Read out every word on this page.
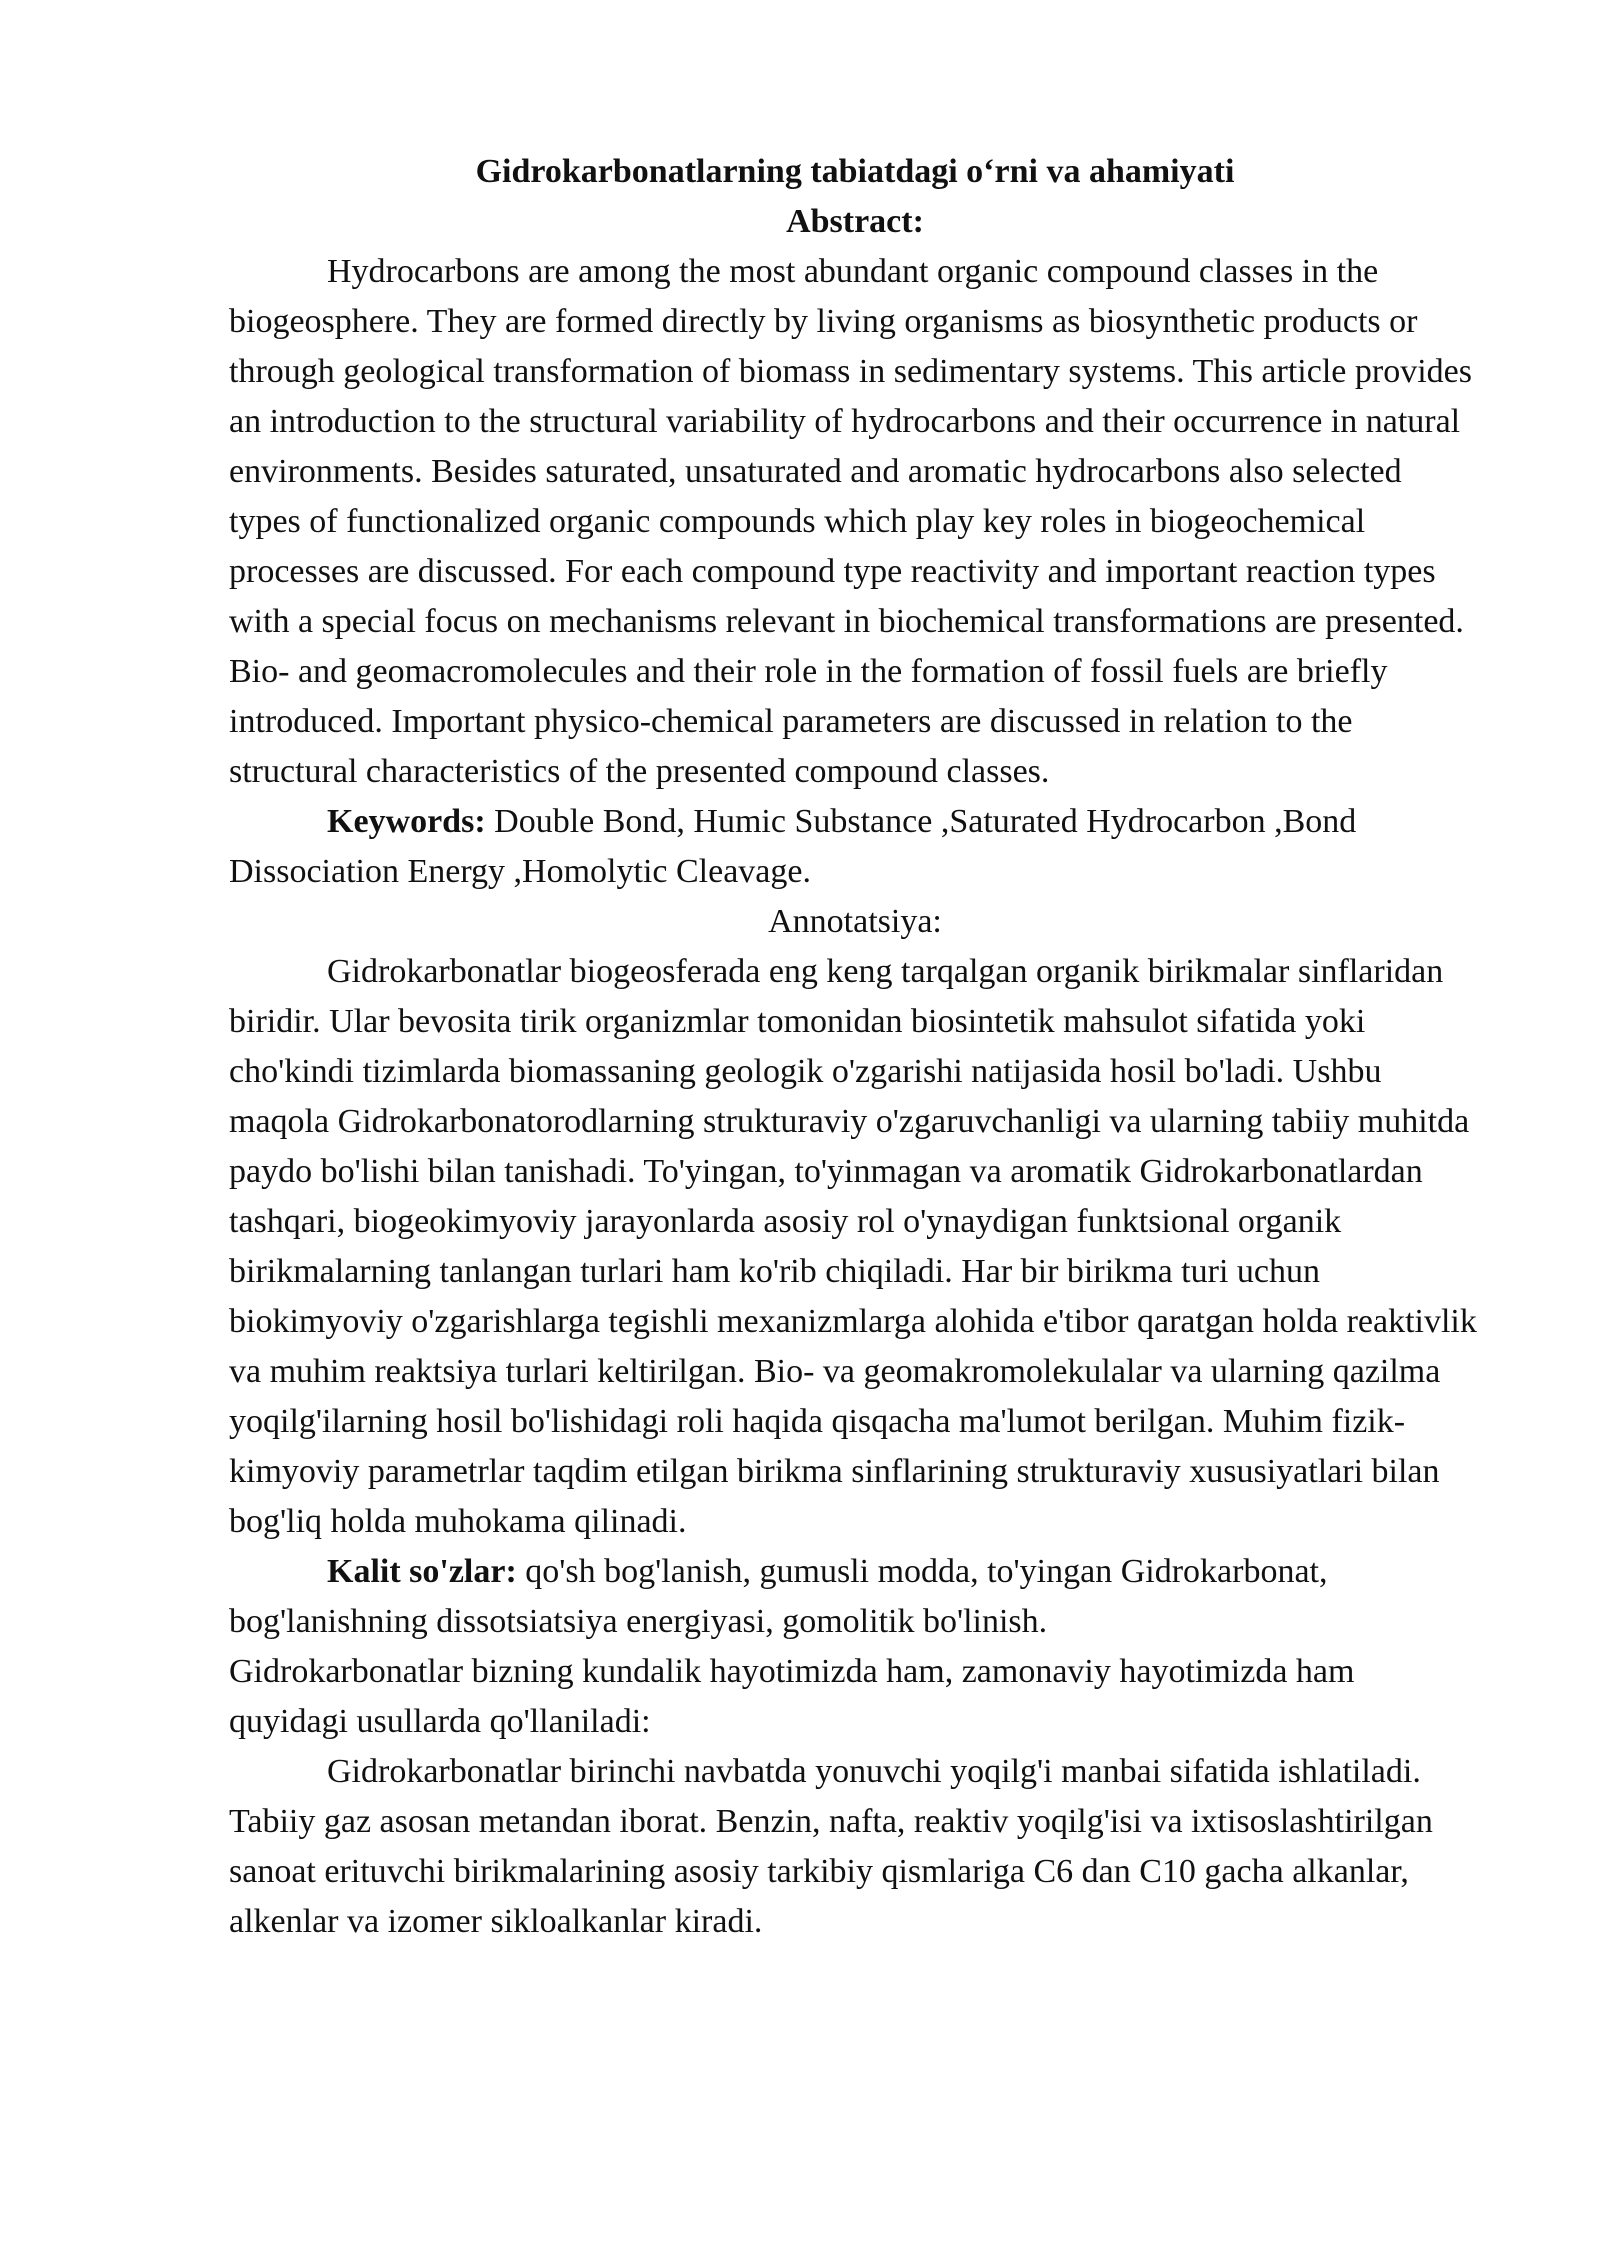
Gidrokarbonatlarning tabiatdagi o‘rni va ahamiyati

Abstract:

Hydrocarbons are among the most abundant organic compound classes in the biogeosphere. They are formed directly by living organisms as biosynthetic products or through geological transformation of biomass in sedimentary systems. This article provides an introduction to the structural variability of hydrocarbons and their occurrence in natural environments. Besides saturated, unsaturated and aromatic hydrocarbons also selected types of functionalized organic compounds which play key roles in biogeochemical processes are discussed. For each compound type reactivity and important reaction types with a special focus on mechanisms relevant in biochemical transformations are presented. Bio- and geomacromolecules and their role in the formation of fossil fuels are briefly introduced. Important physico-chemical parameters are discussed in relation to the structural characteristics of the presented compound classes.

Keywords: Double Bond, Humic Substance ,Saturated Hydrocarbon ,Bond Dissociation Energy ,Homolytic Cleavage.

Annotatsiya:

Gidrokarbonatlar biogeosferada eng keng tarqalgan organik birikmalar sinflaridan biridir. Ular bevosita tirik organizmlar tomonidan biosintetik mahsulot sifatida yoki cho'kindi tizimlarda biomassaning geologik o'zgarishi natijasida hosil bo'ladi. Ushbu maqola Gidrokarbonatorodlarning strukturaviy o'zgaruvchanligi va ularning tabiiy muhitda paydo bo'lishi bilan tanishadi. To'yingan, to'yinmagan va aromatik Gidrokarbonatlardan tashqari, biogeokimyoviy jarayonlarda asosiy rol o'ynaydigan funktsional organik birikmalarning tanlangan turlari ham ko'rib chiqiladi. Har bir birikma turi uchun biokimyoviy o'zgarishlarga tegishli mexanizmlarga alohida e'tibor qaratgan holda reaktivlik va muhim reaktsiya turlari keltirilgan. Bio- va geomakromolekulalar va ularning qazilma yoqilg'ilarning hosil bo'lishidagi roli haqida qisqacha ma'lumot berilgan. Muhim fizik-kimyoviy parametrlar taqdim etilgan birikma sinflarining strukturaviy xususiyatlari bilan bog'liq holda muhokama qilinadi.

Kalit so'zlar: qo'sh bog'lanish, gumusli modda, to'yingan Gidrokarbonat, bog'lanishning dissotsiatsiya energiyasi, gomolitik bo'linish.

Gidrokarbonatlar bizning kundalik hayotimizda ham, zamonaviy hayotimizda ham quyidagi usullarda qo'llaniladi:

Gidrokarbonatlar birinchi navbatda yonuvchi yoqilg'i manbai sifatida ishlatiladi. Tabiiy gaz asosan metandan iborat. Benzin, nafta, reaktiv yoqilg'isi va ixtisoslashtirilgan sanoat erituvchi birikmalarining asosiy tarkibiy qismlariga C6 dan C10 gacha alkanlar, alkenlar va izomer sikloalkanlar kiradi.
